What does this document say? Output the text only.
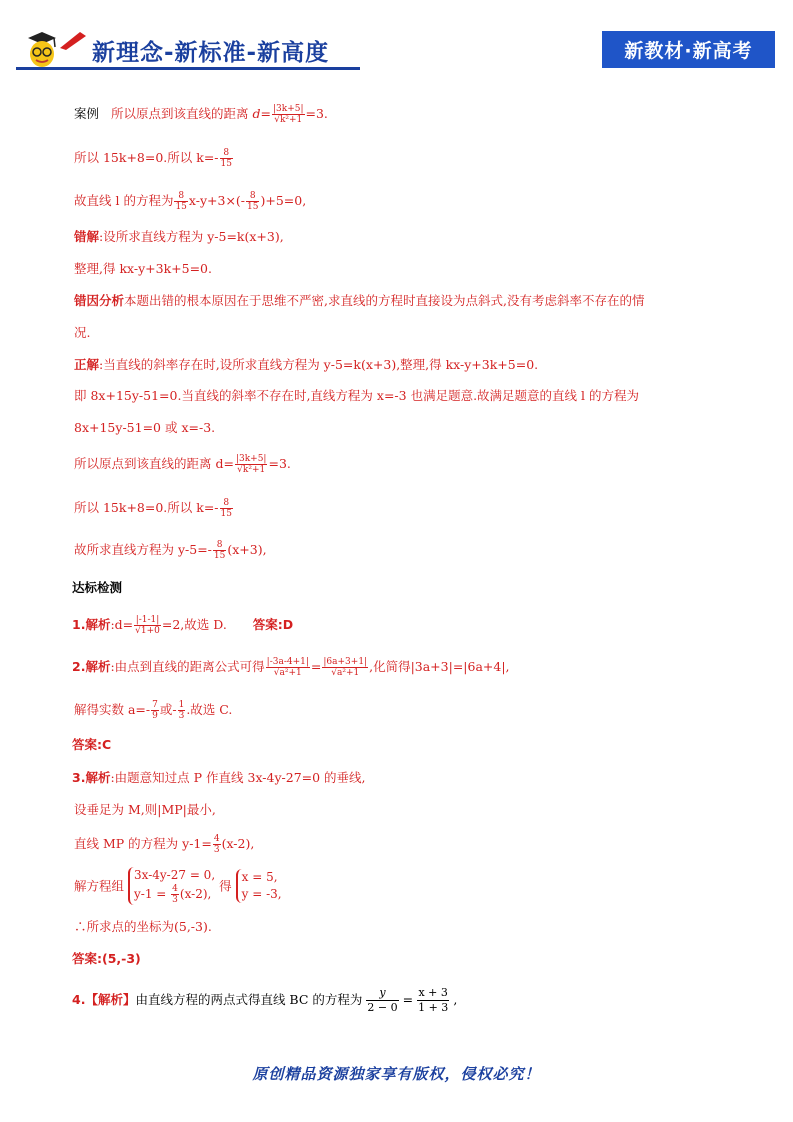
新理念-新标准-新高度	新教材·新高考
案例 所以原点到该直线的距离 $d= \frac{|3k+5|}{\text{√k²+1}} =3$.
所以 15k+8=0.所以 $k=- \frac{8}{15}$
故直线 l 的方程为 $\frac{8}{15} x-y+3\times(- \frac{8}{15} )+5=0$,
错解:设所求直线方程为 y-5=k(x+3),
整理,得 kx-y+3k+5=0.
错因分析本题出错的根本原因在于思维不严密,求直线的方程时直接设为点斜式,没有考虑斜率不存在的情
况.
正解:当直线的斜率存在时,设所求直线方程为 y-5=k(x+3),整理,得 kx-y+3k+5=0.
即 8x+15y-51=0.当直线的斜率不存在时,直线方程为 x=-3 也满足题意.故满足题意的直线 l 的方程为
8x+15y-51=0 或 x=-3.
所以原点到该直线的距离 $d= \frac{|3k+5|}{\text{√k²+1}} =3$.
所以 15k+8=0.所以 $k=- \frac{8}{15}$
故所求直线方程为 $y-5=- \frac{8}{15} (x+3)$,
达标检测
1.解析:d= $\frac{|-1-1|}{√1+0} =2$,故选 D. 答案:D
2.解析:由点到直线的距离公式可得 $\frac{|-3a-4+1|}{\text{√a²+1}} = \frac{|6a+3+1|}{\text{√a²+1}}$ ,化简得|3a+3|=|6a+4|,
解得实数 $a=- \frac{7}{9}$ 或- $\frac{1}{3}$ .故选 C.
答案:C
3.解析:由题意知过点 P 作直线 3x-4y-27=0 的垂线,
设垂足为 M,则|MP|最小,
直线 MP 的方程为 $y-1= \frac{4}{3} (x-2)$,
解方程组
3x-4y-27 = 0,
$y-1 = \frac{4}{3} (x-2)$,
得
x = 5,
y = -3,
∴所求点的坐标为(5,-3).
答案:(5,-3)
4.【解析】由直线方程的两点式得直线 BC 的方程为 $\frac{y}{2 - 0} = \frac{x + 3}{1 + 3}$ ,
原创精品资源独家享有版权，侵权必究！
